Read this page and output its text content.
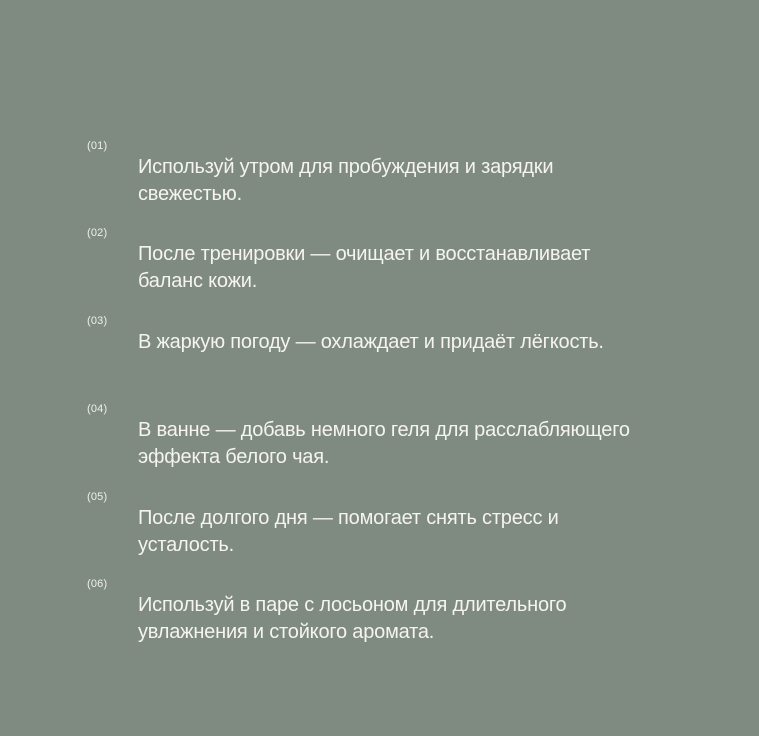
(01)

Используй утром для пробуждения и зарядки свежестью.

(02)

После тренировки — очищает и восстанавливает баланс кожи.

(03)

В жаркую погоду — охлаждает и придаёт лёгкость.

(04)

В ванне — добавь немного геля для расслабляющего эффекта белого чая.

(05)

После долгого дня — помогает снять стресс и усталость.

(06)

Используй в паре с лосьоном для длительного увлажнения и стойкого аромата.
